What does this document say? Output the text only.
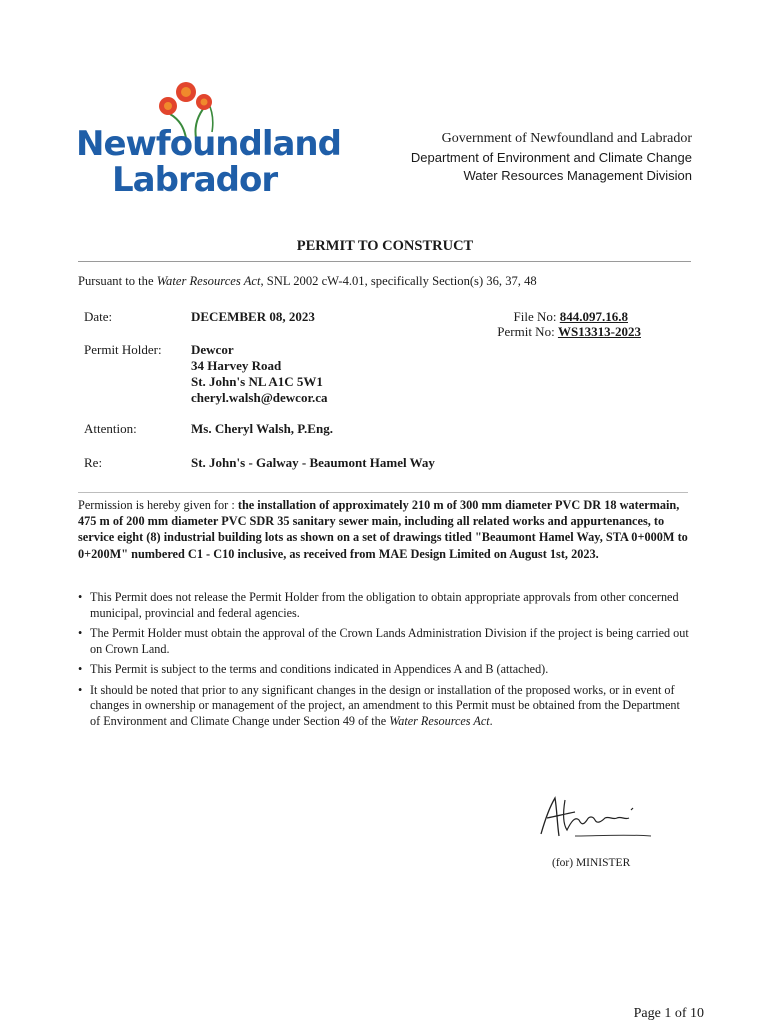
Newfoundland
Labrador
Government of Newfoundland and Labrador
Department of Environment and Climate Change
Water Resources Management Division
PERMIT TO CONSTRUCT
Pursuant to the Water Resources Act, SNL 2002 cW-4.01, specifically Section(s) 36, 37, 48
Date:	DECEMBER 08, 2023	File No: 844.097.16.8
Permit No: WS13313-2023
Permit Holder: Dewcor
34 Harvey Road
St. John's NL A1C 5W1
cheryl.walsh@dewcor.ca
Attention:	Ms. Cheryl Walsh, P.Eng.
Re:	St. John's - Galway - Beaumont Hamel Way
Permission is hereby given for : the installation of approximately 210 m of 300 mm diameter PVC DR 18 watermain, 475 m of 200 mm diameter PVC SDR 35 sanitary sewer main, including all related works and appurtenances, to service eight (8) industrial building lots as shown on a set of drawings titled "Beaumont Hamel Way, STA 0+000M to 0+200M" numbered C1 - C10 inclusive, as received from MAE Design Limited on August 1st, 2023.
• This Permit does not release the Permit Holder from the obligation to obtain appropriate approvals from other concerned municipal, provincial and federal agencies.
• The Permit Holder must obtain the approval of the Crown Lands Administration Division if the project is being carried out on Crown Land.
• This Permit is subject to the terms and conditions indicated in Appendices A and B (attached).
• It should be noted that prior to any significant changes in the design or installation of the proposed works, or in event of changes in ownership or management of the project, an amendment to this Permit must be obtained from the Department of Environment and Climate Change under Section 49 of the Water Resources Act.
(for) MINISTER
Page 1 of 10
